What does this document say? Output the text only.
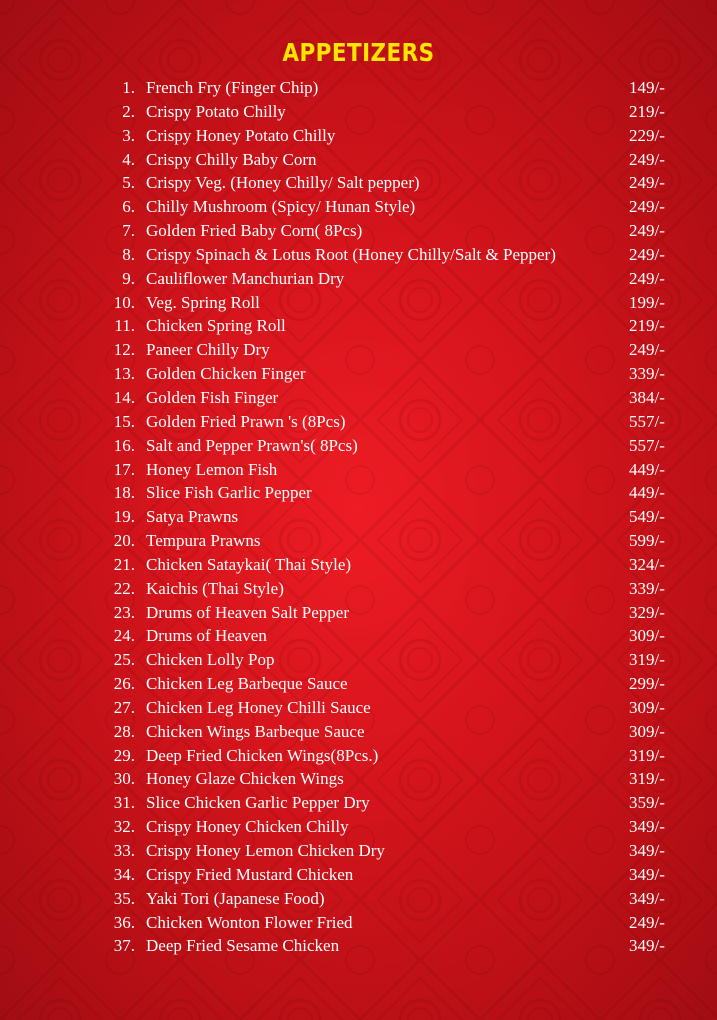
APPETIZERS
1. French Fry (Finger Chip)	149/-
2. Crispy Potato Chilly	219/-
3. Crispy Honey Potato Chilly	229/-
4. Crispy Chilly Baby Corn	249/-
5. Crispy Veg. (Honey Chilly/ Salt pepper)	249/-
6. Chilly Mushroom (Spicy/ Hunan Style)	249/-
7. Golden Fried Baby Corn( 8Pcs)	249/-
8. Crispy Spinach & Lotus Root (Honey Chilly/Salt & Pepper)	249/-
9. Cauliflower Manchurian Dry	249/-
10. Veg. Spring Roll	199/-
11. Chicken Spring Roll	219/-
12. Paneer Chilly Dry	249/-
13. Golden Chicken Finger	339/-
14. Golden Fish Finger	384/-
15. Golden Fried Prawn 's (8Pcs)	557/-
16. Salt and Pepper Prawn's( 8Pcs)	557/-
17. Honey Lemon Fish	449/-
18. Slice Fish Garlic Pepper	449/-
19. Satya Prawns	549/-
20. Tempura Prawns	599/-
21. Chicken Sataykai( Thai Style)	324/-
22. Kaichis (Thai Style)	339/-
23. Drums of Heaven Salt Pepper	329/-
24. Drums of Heaven	309/-
25. Chicken Lolly Pop	319/-
26. Chicken Leg Barbeque Sauce	299/-
27. Chicken Leg Honey Chilli Sauce	309/-
28. Chicken Wings Barbeque Sauce	309/-
29. Deep Fried Chicken Wings(8Pcs.)	319/-
30. Honey Glaze Chicken Wings	319/-
31. Slice Chicken Garlic Pepper Dry	359/-
32. Crispy Honey Chicken Chilly	349/-
33. Crispy Honey Lemon Chicken Dry	349/-
34. Crispy Fried Mustard Chicken	349/-
35. Yaki Tori (Japanese Food)	349/-
36. Chicken Wonton Flower Fried	249/-
37. Deep Fried Sesame Chicken	349/-
